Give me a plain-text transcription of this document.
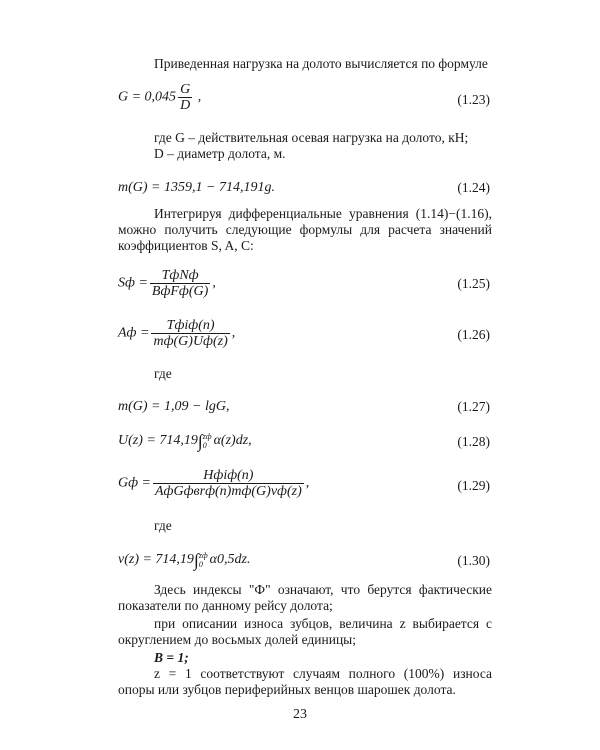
Приведенная нагрузка на долото вычисляется по формуле
$G = 0,045 \frac{G}{D}$ ,	(1.23)
где G – действительная осевая нагрузка на долото, кН;
D – диаметр долота, м.
m(G) = 1359,1 − 714,191g.	(1.24)

Интегрируя дифференциальные уравнения (1.14)−(1.16), можно получить следующие формулы для расчета значений коэффициентов S, A, C:

Sф = $\frac{\text{TфNф}}{\text{BфFф(G)}}$ ,	(1.25)
Aф = $\frac{\text{Tфiф(n)}}{mф(G)Uф(z)}$ ,	(1.26)
где
m(G) = 1,09 − lgG,	(1.27)
U(z) = 714,19∫ zф
0 α(z)dz,	(1.28)
Gф = $\frac{\text{Hфiф(n)}}{\text{AфGфвrф(n)mф(G)vф(z)}}$ ,	(1.29)
где
v(z) = 714,19∫ zф
0 α0,5dz.	(1.30)

Здесь индексы "Ф" означают, что берутся фактические показатели по данному рейсу долота;

при описании износа зубцов, величина z выбирается с округлением до восьмых долей единицы;

B = 1;

z = 1 соответствуют случаям полного (100%) износа опоры или зубцов периферийных венцов шарошек долота.

23
